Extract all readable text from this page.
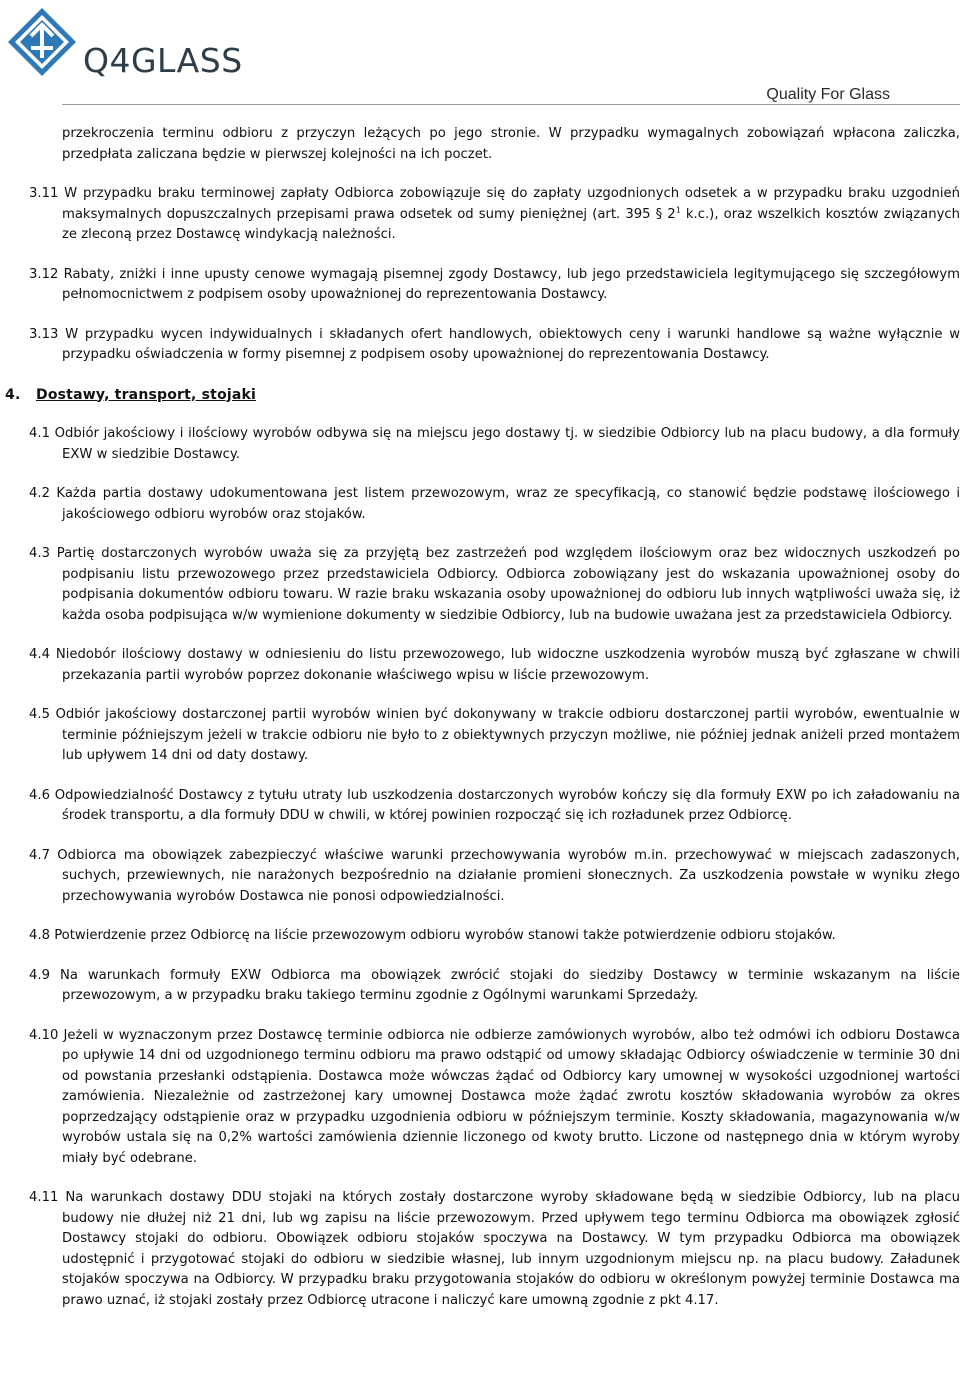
Q4GLASS
Quality For Glass

przekroczenia terminu odbioru z przyczyn leżących po jego stronie. W przypadku wymagalnych zobowiązań wpłacona zaliczka, przedpłata zaliczana będzie w pierwszej kolejności na ich poczet.

3.11 W przypadku braku terminowej zapłaty Odbiorca zobowiązuje się do zapłaty uzgodnionych odsetek a w przypadku braku uzgodnień maksymalnych dopuszczalnych przepisami prawa odsetek od sumy pieniężnej (art. 395 § $2^1$ k.c.), oraz wszelkich kosztów związanych ze zleconą przez Dostawcę windykacją należności.

3.12 Rabaty, zniżki i inne upusty cenowe wymagają pisemnej zgody Dostawcy, lub jego przedstawiciela legitymującego się szczegółowym pełnomocnictwem z podpisem osoby upoważnionej do reprezentowania Dostawcy.

3.13 W przypadku wycen indywidualnych i składanych ofert handlowych, obiektowych ceny i warunki handlowe są ważne wyłącznie w przypadku oświadczenia w formy pisemnej z podpisem osoby upoważnionej do reprezentowania Dostawcy.

4. Dostawy, transport, stojaki

4.1 Odbiór jakościowy i ilościowy wyrobów odbywa się na miejscu jego dostawy tj. w siedzibie Odbiorcy lub na placu budowy, a dla formuły EXW w siedzibie Dostawcy.

4.2 Każda partia dostawy udokumentowana jest listem przewozowym, wraz ze specyfikacją, co stanowić będzie podstawę ilościowego i jakościowego odbioru wyrobów oraz stojaków.

4.3 Partię dostarczonych wyrobów uważa się za przyjętą bez zastrzeżeń pod względem ilościowym oraz bez widocznych uszkodzeń po podpisaniu listu przewozowego przez przedstawiciela Odbiorcy. Odbiorca zobowiązany jest do wskazania upoważnionej osoby do podpisania dokumentów odbioru towaru. W razie braku wskazania osoby upoważnionej do odbioru lub innych wątpliwości uważa się, iż każda osoba podpisująca w/w wymienione dokumenty w siedzibie Odbiorcy, lub na budowie uważana jest za przedstawiciela Odbiorcy.

4.4 Niedobór ilościowy dostawy w odniesieniu do listu przewozowego, lub widoczne uszkodzenia wyrobów muszą być zgłaszane w chwili przekazania partii wyrobów poprzez dokonanie właściwego wpisu w liście przewozowym.

4.5 Odbiór jakościowy dostarczonej partii wyrobów winien być dokonywany w trakcie odbioru dostarczonej partii wyrobów, ewentualnie w terminie późniejszym jeżeli w trakcie odbioru nie było to z obiektywnych przyczyn możliwe, nie później jednak aniżeli przed montażem lub upływem 14 dni od daty dostawy.

4.6 Odpowiedzialność Dostawcy z tytułu utraty lub uszkodzenia dostarczonych wyrobów kończy się dla formuły EXW po ich załadowaniu na środek transportu, a dla formuły DDU w chwili, w której powinien rozpocząć się ich rozładunek przez Odbiorcę.

4.7 Odbiorca ma obowiązek zabezpieczyć właściwe warunki przechowywania wyrobów m.in. przechowywać w miejscach zadaszonych, suchych, przewiewnych, nie narażonych bezpośrednio na działanie promieni słonecznych. Za uszkodzenia powstałe w wyniku złego przechowywania wyrobów Dostawca nie ponosi odpowiedzialności.

4.8 Potwierdzenie przez Odbiorcę na liście przewozowym odbioru wyrobów stanowi także potwierdzenie odbioru stojaków.

4.9 Na warunkach formuły EXW Odbiorca ma obowiązek zwrócić stojaki do siedziby Dostawcy w terminie wskazanym na liście przewozowym, a w przypadku braku takiego terminu zgodnie z Ogólnymi warunkami Sprzedaży.

4.10 Jeżeli w wyznaczonym przez Dostawcę terminie odbiorca nie odbierze zamówionych wyrobów, albo też odmówi ich odbioru Dostawca po upływie 14 dni od uzgodnionego terminu odbioru ma prawo odstąpić od umowy składając Odbiorcy oświadczenie w terminie 30 dni od powstania przesłanki odstąpienia. Dostawca może wówczas żądać od Odbiorcy kary umownej w wysokości uzgodnionej wartości zamówienia. Niezależnie od zastrzeżonej kary umownej Dostawca może żądać zwrotu kosztów składowania wyrobów za okres poprzedzający odstąpienie oraz w przypadku uzgodnienia odbioru w późniejszym terminie. Koszty składowania, magazynowania w/w wyrobów ustala się na 0,2% wartości zamówienia dziennie liczonego od kwoty brutto. Liczone od następnego dnia w którym wyroby miały być odebrane.

4.11 Na warunkach dostawy DDU stojaki na których zostały dostarczone wyroby składowane będą w siedzibie Odbiorcy, lub na placu budowy nie dłużej niż 21 dni, lub wg zapisu na liście przewozowym. Przed upływem tego terminu Odbiorca ma obowiązek zgłosić Dostawcy stojaki do odbioru. Obowiązek odbioru stojaków spoczywa na Dostawcy. W tym przypadku Odbiorca ma obowiązek udostępnić i przygotować stojaki do odbioru w siedzibie własnej, lub innym uzgodnionym miejscu np. na placu budowy. Załadunek stojaków spoczywa na Odbiorcy. W przypadku braku przygotowania stojaków do odbioru w określonym powyżej terminie Dostawca ma prawo uznać, iż stojaki zostały przez Odbiorcę utracone i naliczyć kare umowną zgodnie z pkt 4.17.
